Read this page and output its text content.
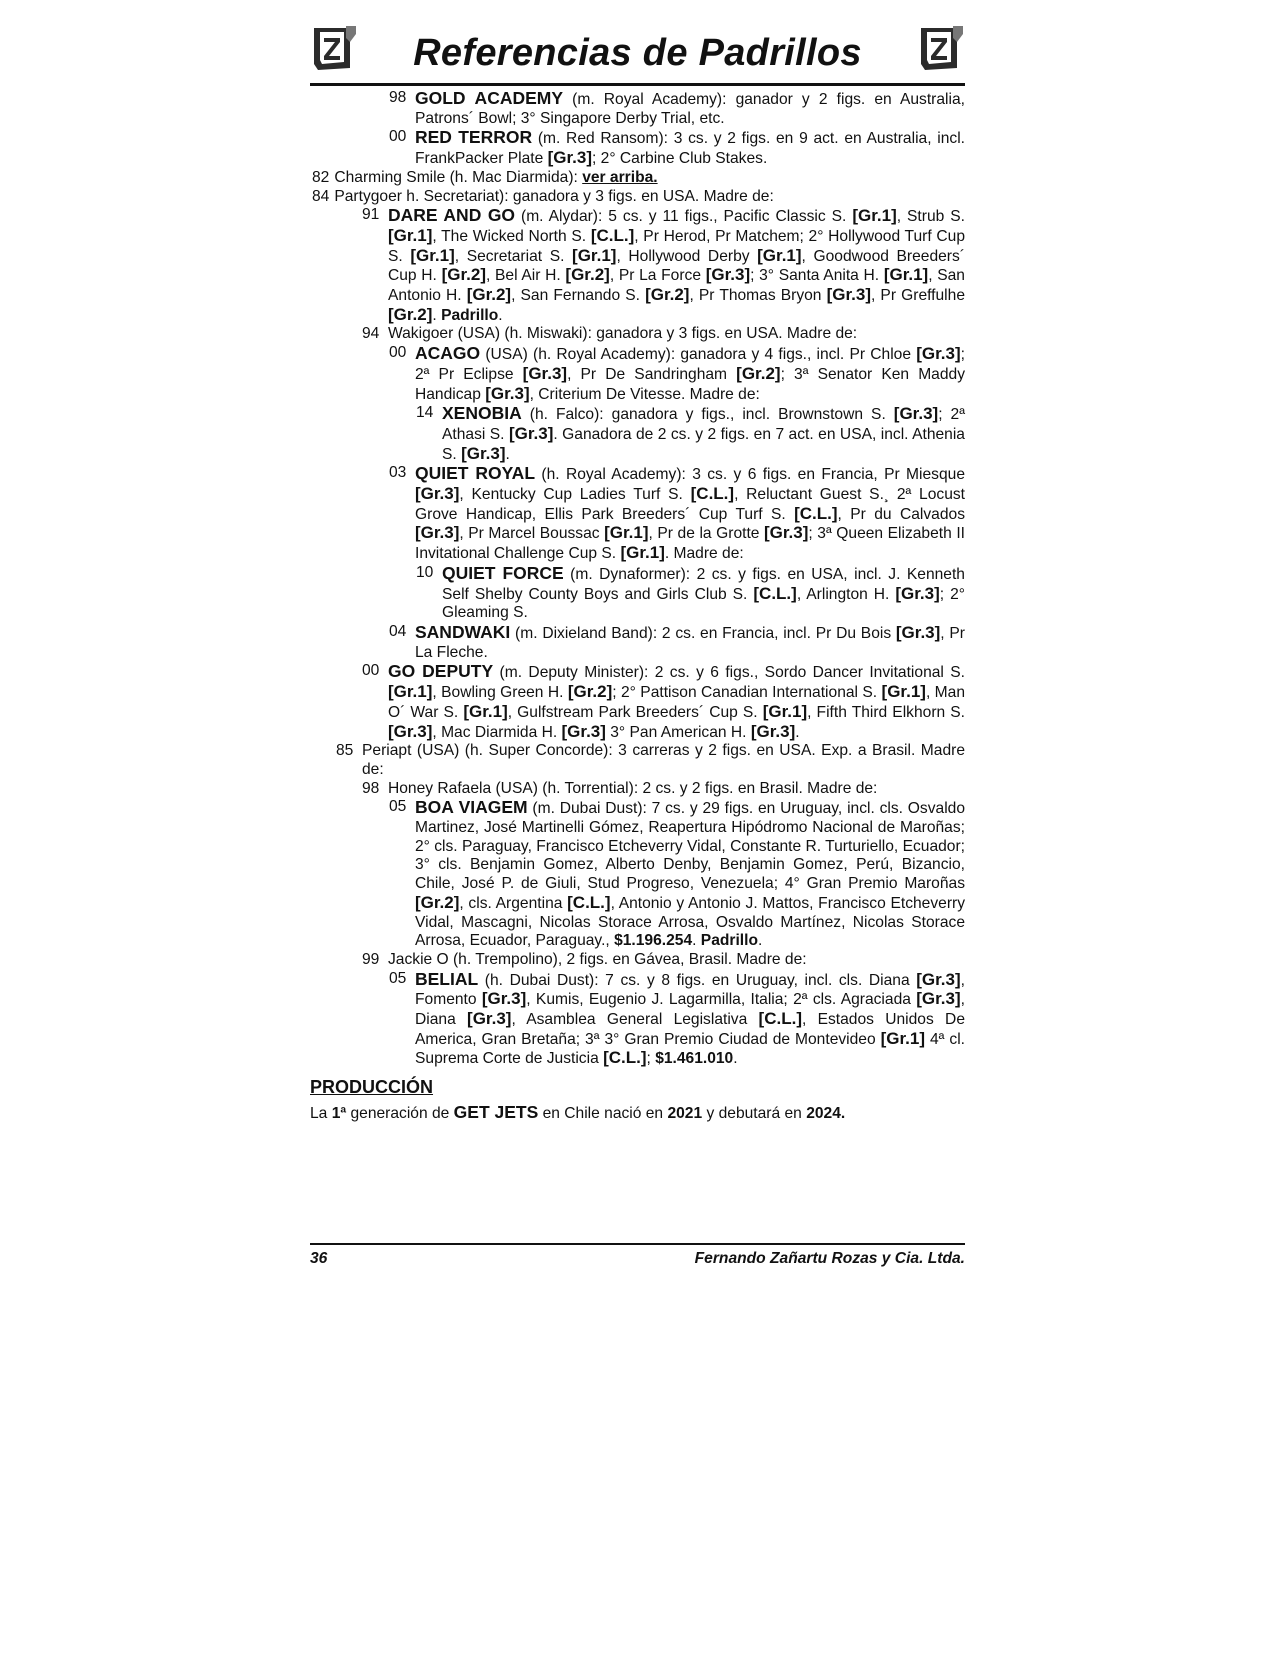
Referencias de Padrillos
98 GOLD ACADEMY (m. Royal Academy): ganador y 2 figs. en Australia, Patrons´ Bowl; 3° Singapore Derby Trial, etc.
00 RED TERROR (m. Red Ransom): 3 cs. y 2 figs. en 9 act. en Australia, incl. FrankPacker Plate [Gr.3]; 2° Carbine Club Stakes.
82 Charming Smile (h. Mac Diarmida): ver arriba.
84 Partygoer h. Secretariat): ganadora y 3 figs. en USA. Madre de:
91 DARE AND GO (m. Alydar): 5 cs. y 11 figs., Pacific Classic S. [Gr.1], Strub S. [Gr.1], The Wicked North S. [C.L.], Pr Herod, Pr Matchem; 2° Hollywood Turf Cup S. [Gr.1], Secretariat S. [Gr.1], Hollywood Derby [Gr.1], Goodwood Breeders´ Cup H. [Gr.2], Bel Air H. [Gr.2], Pr La Force [Gr.3]; 3° Santa Anita H. [Gr.1], San Antonio H. [Gr.2], San Fernando S. [Gr.2], Pr Thomas Bryon [Gr.3], Pr Greffulhe [Gr.2]. Padrillo.
94 Wakigoer (USA) (h. Miswaki): ganadora y 3 figs. en USA. Madre de:
00 ACAGO (USA) (h. Royal Academy): ganadora y 4 figs., incl. Pr Chloe [Gr.3]; 2ª Pr Eclipse [Gr.3], Pr De Sandringham [Gr.2]; 3ª Senator Ken Maddy Handicap [Gr.3], Criterium De Vitesse. Madre de:
14 XENOBIA (h. Falco): ganadora y figs., incl. Brownstown S. [Gr.3]; 2ª Athasi S. [Gr.3]. Ganadora de 2 cs. y 2 figs. en 7 act. en USA, incl. Athenia S. [Gr.3].
03 QUIET ROYAL (h. Royal Academy): 3 cs. y 6 figs. en Francia, Pr Miesque [Gr.3], Kentucky Cup Ladies Turf S. [C.L.], Reluctant Guest S.¸ 2ª Locust Grove Handicap, Ellis Park Breeders´ Cup Turf S. [C.L.], Pr du Calvados [Gr.3], Pr Marcel Boussac [Gr.1], Pr de la Grotte [Gr.3]; 3ª Queen Elizabeth II Invitational Challenge Cup S. [Gr.1]. Madre de:
10 QUIET FORCE (m. Dynaformer): 2 cs. y figs. en USA, incl. J. Kenneth Self Shelby County Boys and Girls Club S. [C.L.], Arlington H. [Gr.3]; 2° Gleaming S.
04 SANDWAKI (m. Dixieland Band): 2 cs. en Francia, incl. Pr Du Bois [Gr.3], Pr La Fleche.
00 GO DEPUTY (m. Deputy Minister): 2 cs. y 6 figs., Sordo Dancer Invitational S. [Gr.1], Bowling Green H. [Gr.2]; 2° Pattison Canadian International S. [Gr.1], Man O´ War S. [Gr.1], Gulfstream Park Breeders´ Cup S. [Gr.1], Fifth Third Elkhorn S. [Gr.3], Mac Diarmida H. [Gr.3] 3° Pan American H. [Gr.3].
85 Periapt (USA) (h. Super Concorde): 3 carreras y 2 figs. en USA. Exp. a Brasil. Madre de:
98 Honey Rafaela (USA) (h. Torrential): 2 cs. y 2 figs. en Brasil. Madre de:
05 BOA VIAGEM (m. Dubai Dust): 7 cs. y 29 figs. en Uruguay, incl. cls. Osvaldo Martinez, José Martinelli Gómez, Reapertura Hipódromo Nacional de Maroñas; 2° cls. Paraguay, Francisco Etcheverry Vidal, Constante R. Turturiello, Ecuador; 3° cls. Benjamin Gomez, Alberto Denby, Benjamin Gomez, Perú, Bizancio, Chile, José P. de Giuli, Stud Progreso, Venezuela; 4° Gran Premio Maroñas [Gr.2], cls. Argentina [C.L.], Antonio y Antonio J. Mattos, Francisco Etcheverry Vidal, Mascagni, Nicolas Storace Arrosa, Osvaldo Martínez, Nicolas Storace Arrosa, Ecuador, Paraguay., $1.196.254. Padrillo.
99 Jackie O (h. Trempolino), 2 figs. en Gávea, Brasil. Madre de:
05 BELIAL (h. Dubai Dust): 7 cs. y 8 figs. en Uruguay, incl. cls. Diana [Gr.3], Fomento [Gr.3], Kumis, Eugenio J. Lagarmilla, Italia; 2ª cls. Agraciada [Gr.3], Diana [Gr.3], Asamblea General Legislativa [C.L.], Estados Unidos De America, Gran Bretaña; 3ª 3° Gran Premio Ciudad de Montevideo [Gr.1] 4ª cl. Suprema Corte de Justicia [C.L.]; $1.461.010.
PRODUCCIÓN
La 1ª generación de GET JETS en Chile nació en 2021 y debutará en 2024.
36	Fernando Zañartu Rozas y Cia. Ltda.
